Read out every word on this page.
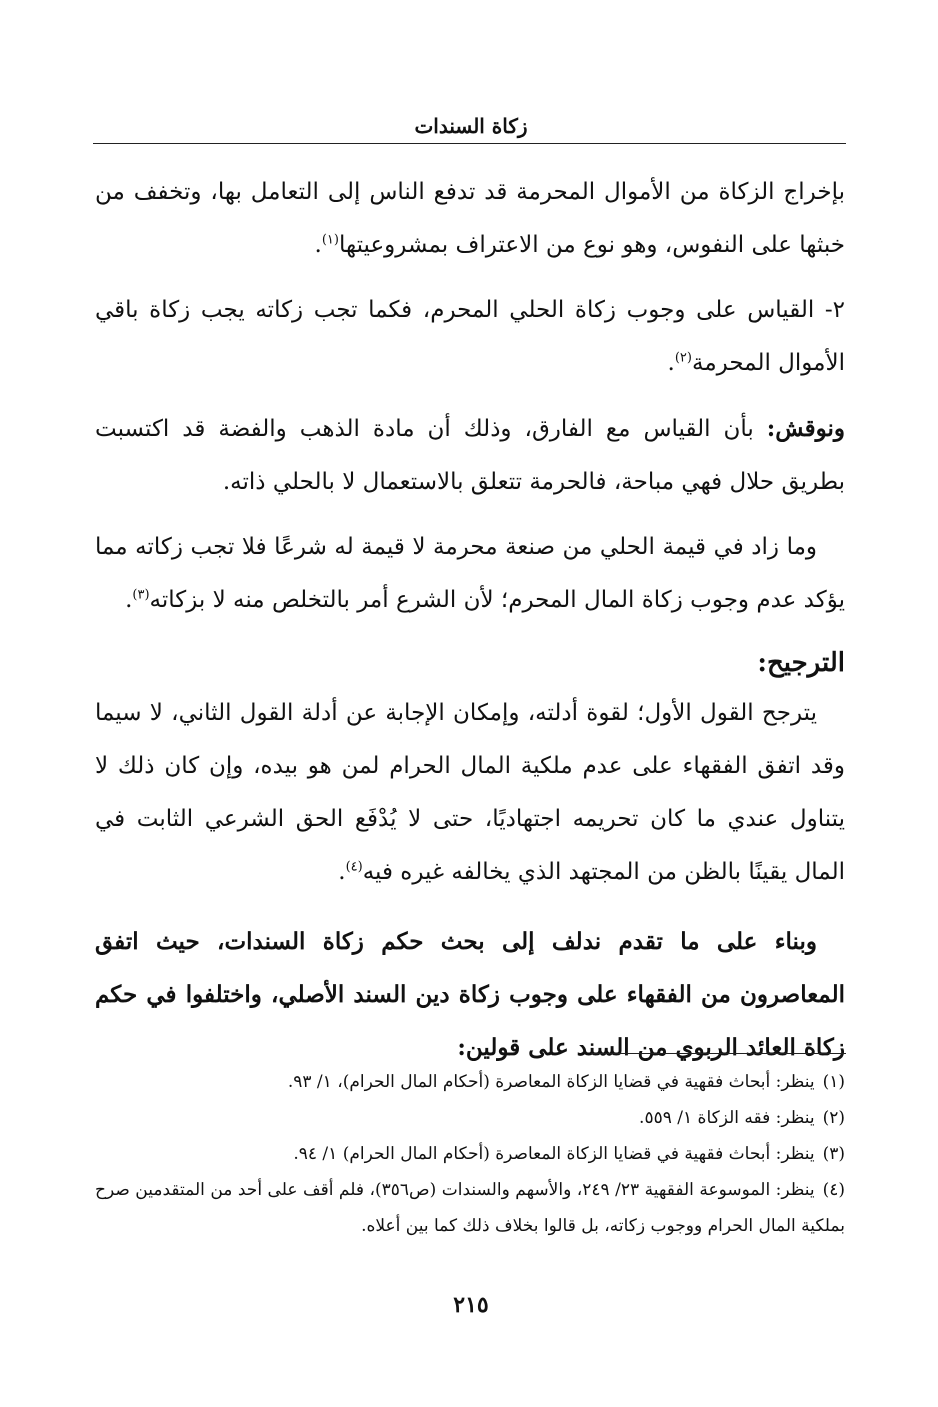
زكاة السندات

بإخراج الزكاة من الأموال المحرمة قد تدفع الناس إلى التعامل بها، وتخفف من خبثها على النفوس، وهو نوع من الاعتراف بمشروعيتها$^{(١)}$.

٢- القياس على وجوب زكاة الحلي المحرم، فكما تجب زكاته يجب زكاة باقي الأموال المحرمة$^{(٢)}$.

ونوقش: بأن القياس مع الفارق، وذلك أن مادة الذهب والفضة قد اكتسبت بطريق حلال فهي مباحة، فالحرمة تتعلق بالاستعمال لا بالحلي ذاته.

وما زاد في قيمة الحلي من صنعة محرمة لا قيمة له شرعًا فلا تجب زكاته مما يؤكد عدم وجوب زكاة المال المحرم؛ لأن الشرع أمر بالتخلص منه لا بزكاته$^{(٣)}$.

الترجيح:

يترجح القول الأول؛ لقوة أدلته، وإمكان الإجابة عن أدلة القول الثاني، لا سيما وقد اتفق الفقهاء على عدم ملكية المال الحرام لمن هو بيده، وإن كان ذلك لا يتناول عندي ما كان تحريمه اجتهاديًا، حتى لا يُدْفَع الحق الشرعي الثابت في المال يقينًا بالظن من المجتهد الذي يخالفه غيره فيه$^{(٤)}$.

وبناء على ما تقدم ندلف إلى بحث حكم زكاة السندات، حيث اتفق المعاصرون من الفقهاء على وجوب زكاة دين السند الأصلي، واختلفوا في حكم زكاة العائد الربوي من السند على قولين:

(١)ينظر: أبحاث فقهية في قضايا الزكاة المعاصرة (أحكام المال الحرام)، ١/ ٩٣.

(٢)ينظر: فقه الزكاة ١/ ٥٥٩.

(٣)ينظر: أبحاث فقهية في قضايا الزكاة المعاصرة (أحكام المال الحرام) ١/ ٩٤.

(٤)ينظر: الموسوعة الفقهية ٢٣/ ٢٤٩، والأسهم والسندات (ص٣٥٦)، فلم أقف على أحد من المتقدمين صرح بملكية المال الحرام ووجوب زكاته، بل قالوا بخلاف ذلك كما بين أعلاه.

٢١٥
